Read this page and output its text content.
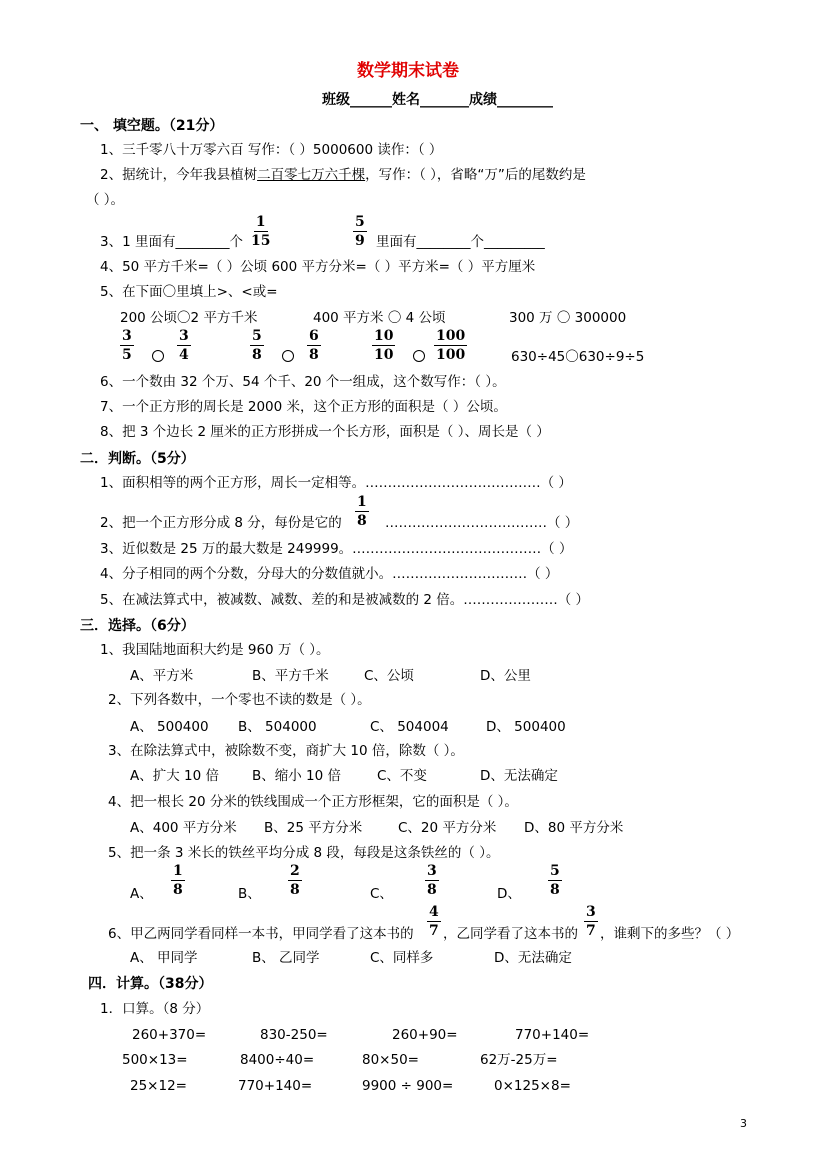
数学期末试卷
班级______姓名_______成绩________
一、 填空题。（21分）
1、三千零八十万零六百 写作：（ ）5000600 读作：（ ）
2、据统计，今年我县植树二百零七万六千棵，写作：（ ），省略“万”后的尾数约是
（ ）。
3、1 里面有________个 $\frac{1}{15}$	$\frac{5}{9}$ 里面有________个_________
4、50 平方千米=（ ）公顷 600 平方分米=（ ）平方米=（ ）平方厘米
5、在下面〇里填上>、<或=
200 公顷〇2 平方千米	400 平方米 〇 4 公顷	300 万 〇 300000
$\frac{3}{5}$	$\frac{3}{4}$	$\frac{5}{8}$	$\frac{6}{8}$	$\frac{10}{10}$	$\frac{100}{100}$	630÷45〇630÷9÷5
6、一个数由 32 个万、54 个千、20 个一组成，这个数写作：（ ）。
7、一个正方形的周长是 2000 米，这个正方形的面积是（ ）公顷。
8、把 3 个边长 2 厘米的正方形拼成一个长方形，面积是（ ）、周长是（ ）
二．判断。（5分）
1、面积相等的两个正方形，周长一定相等。…………………………………（ ）
2、把一个正方形分成 8 分，每份是它的 $\frac{1}{8}$ ………………………………（ ）
3、近似数是 25 万的最大数是 249999。……………………………………（ ）
4、分子相同的两个分数，分母大的分数值就小。…………………………（ ）
5、在减法算式中，被减数、减数、差的和是被减数的 2 倍。…………………（ ）
三．选择。（6分）
1、我国陆地面积大约是 960 万（ ）。
A、平方米	B、平方千米	C、公顷	D、公里
2、下列各数中，一个零也不读的数是（ ）。
A、 500400 B、 504000	C、 504004	D、 500400
3、在除法算式中，被除数不变，商扩大 10 倍，除数（ ）。
A、扩大 10 倍 B、缩小 10 倍	C、不变	D、无法确定
4、把一根长 20 分米的铁线围成一个正方形框架，它的面积是（ ）。
A、400 平方分米 B、25 平方分米	C、20 平方分米 D、80 平方分米
5、把一条 3 米长的铁丝平均分成 8 段，每段是这条铁丝的（ ）。
A、 $\frac{1}{8}$	B、 $\frac{2}{8}$	C、 $\frac{3}{8}$	D、 $\frac{5}{8}$
6、甲乙两同学看同样一本书，甲同学看了这本书的 $\frac{4}{7}$ ，乙同学看了这本书的 $\frac{3}{7}$ ，谁剩下的多些？（ ）
A、 甲同学	B、 乙同学	C、同样多	D、无法确定
四．计算。（38分）
1．口算。（8 分）
260+370=	830-250=	260+90=	770+140=
500×13=	8400÷40=	80×50=	62万-25万=
25×12=	770+140=	9900 ÷ 900=	0×125×8=
3
